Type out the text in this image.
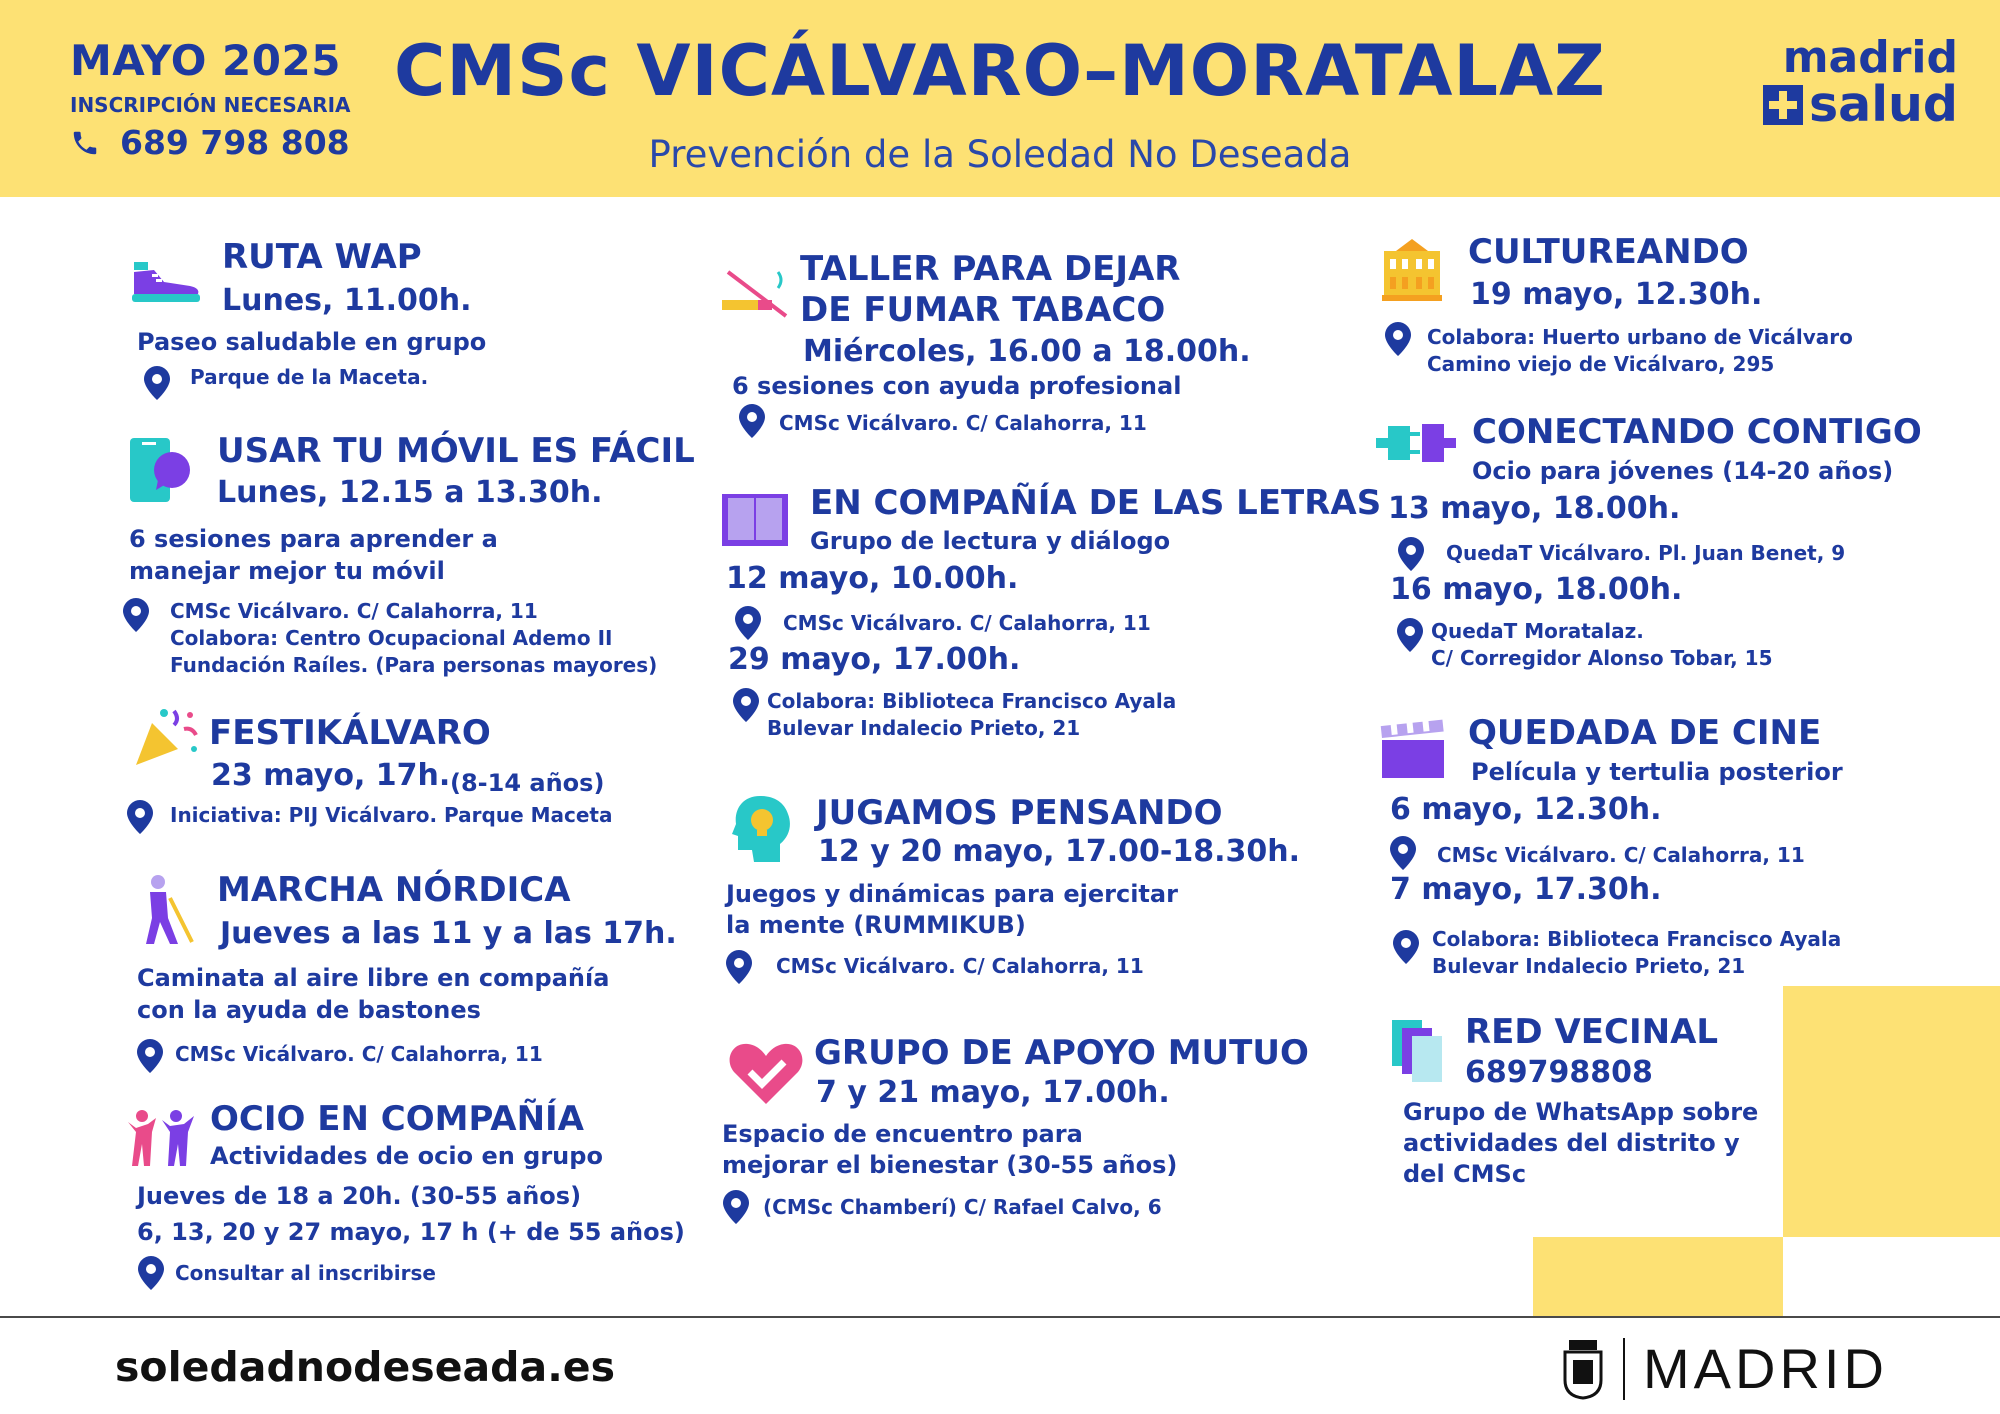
MAYO 2025
INSCRIPCIÓN NECESARIA
689 798 808
CMSc VICÁLVARO–MORATALAZ
Prevención de la Soledad No Deseada
madrid
salud
RUTA WAP
Lunes, 11.00h.
Paseo saludable en grupo
Parque de la Maceta.
USAR TU MÓVIL ES FÁCIL
Lunes, 12.15 a 13.30h.
6 sesiones para aprender a
manejar mejor tu móvil
CMSc Vicálvaro. C/ Calahorra, 11
Colabora: Centro Ocupacional Ademo II
Fundación Raíles. (Para personas mayores)
FESTIKÁLVARO
23 mayo, 17h. (8-14 años)
Iniciativa: PIJ Vicálvaro. Parque Maceta
MARCHA NÓRDICA
Jueves a las 11 y a las 17h.
Caminata al aire libre en compañía
con la ayuda de bastones
CMSc Vicálvaro. C/ Calahorra, 11
OCIO EN COMPAÑÍA
Actividades de ocio en grupo
Jueves de 18 a 20h. (30-55 años)
6, 13, 20 y 27 mayo, 17 h (+ de 55 años)
Consultar al inscribirse
TALLER PARA DEJAR
DE FUMAR TABACO
Miércoles, 16.00 a 18.00h.
6 sesiones con ayuda profesional
CMSc Vicálvaro. C/ Calahorra, 11
EN COMPAÑÍA DE LAS LETRAS
Grupo de lectura y diálogo
12 mayo, 10.00h.
CMSc Vicálvaro. C/ Calahorra, 11
29 mayo, 17.00h.
Colabora: Biblioteca Francisco Ayala
Bulevar Indalecio Prieto, 21
JUGAMOS PENSANDO
12 y 20 mayo, 17.00-18.30h.
Juegos y dinámicas para ejercitar
la mente (RUMMIKUB)
CMSc Vicálvaro. C/ Calahorra, 11
GRUPO DE APOYO MUTUO
7 y 21 mayo, 17.00h.
Espacio de encuentro para
mejorar el bienestar (30-55 años)
(CMSc Chamberí) C/ Rafael Calvo, 6
CULTUREANDO
19 mayo, 12.30h.
Colabora: Huerto urbano de Vicálvaro
Camino viejo de Vicálvaro, 295
CONECTANDO CONTIGO
Ocio para jóvenes (14-20 años)
13 mayo, 18.00h.
QuedaT Vicálvaro. Pl. Juan Benet, 9
16 mayo, 18.00h.
QuedaT Moratalaz.
C/ Corregidor Alonso Tobar, 15
QUEDADA DE CINE
Película y tertulia posterior
6 mayo, 12.30h.
CMSc Vicálvaro. C/ Calahorra, 11
7 mayo, 17.30h.
Colabora: Biblioteca Francisco Ayala
Bulevar Indalecio Prieto, 21
RED VECINAL
689798808
Grupo de WhatsApp sobre
actividades del distrito y
del CMSc
soledadnodeseada.es	MADRID
